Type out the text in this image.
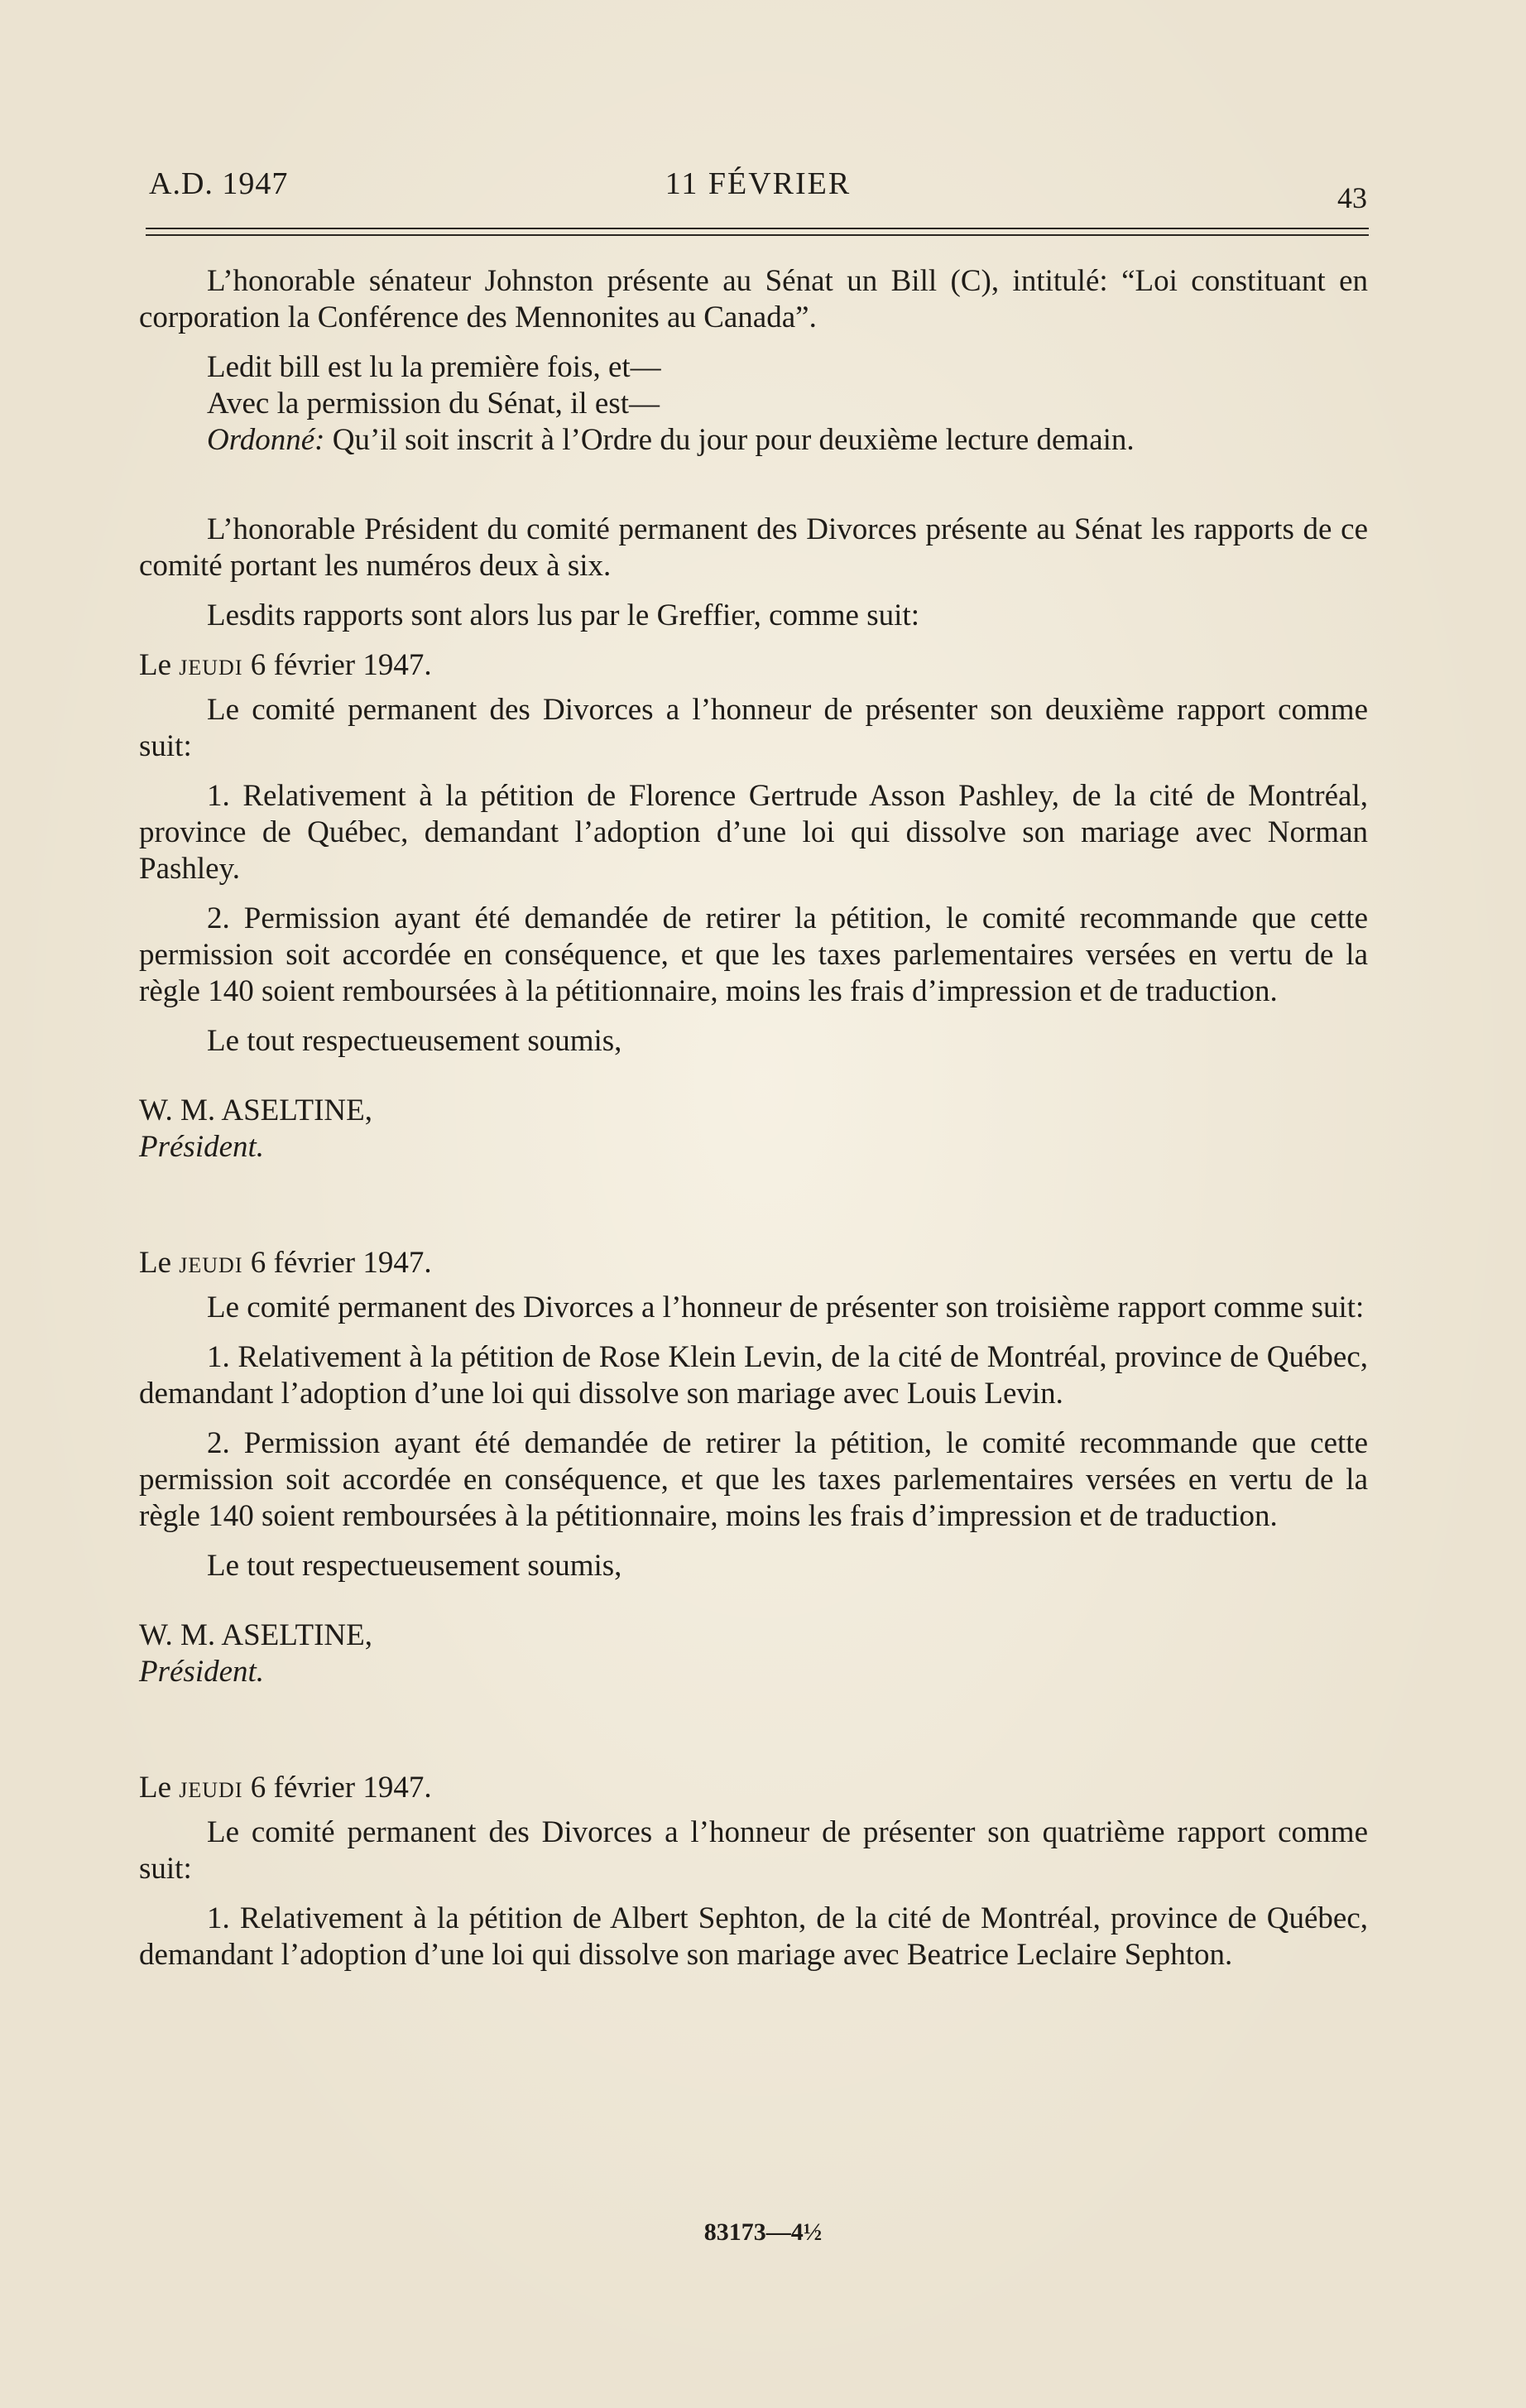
A.D. 1947	11 FÉVRIER	43

L’honorable sénateur Johnston présente au Sénat un Bill (C), intitulé: “Loi constituant en corporation la Conférence des Mennonites au Canada”.

Ledit bill est lu la première fois, et—

Avec la permission du Sénat, il est—

Ordonné: Qu’il soit inscrit à l’Ordre du jour pour deuxième lecture demain.

L’honorable Président du comité permanent des Divorces présente au Sénat les rapports de ce comité portant les numéros deux à six.

Lesdits rapports sont alors lus par le Greffier, comme suit:

Le jeudi 6 février 1947.

Le comité permanent des Divorces a l’honneur de présenter son deuxième rapport comme suit:

1. Relativement à la pétition de Florence Gertrude Asson Pashley, de la cité de Montréal, province de Québec, demandant l’adoption d’une loi qui dissolve son mariage avec Norman Pashley.

2. Permission ayant été demandée de retirer la pétition, le comité recommande que cette permission soit accordée en conséquence, et que les taxes parlementaires versées en vertu de la règle 140 soient remboursées à la pétitionnaire, moins les frais d’impression et de traduction.

Le tout respectueusement soumis,

W. M. ASELTINE,

Président.

Le jeudi 6 février 1947.

Le comité permanent des Divorces a l’honneur de présenter son troisième rapport comme suit:

1. Relativement à la pétition de Rose Klein Levin, de la cité de Montréal, province de Québec, demandant l’adoption d’une loi qui dissolve son mariage avec Louis Levin.

2. Permission ayant été demandée de retirer la pétition, le comité recommande que cette permission soit accordée en conséquence, et que les taxes parlementaires versées en vertu de la règle 140 soient remboursées à la pétitionnaire, moins les frais d’impression et de traduction.

Le tout respectueusement soumis,

W. M. ASELTINE,

Président.

Le jeudi 6 février 1947.

Le comité permanent des Divorces a l’honneur de présenter son quatrième rapport comme suit:

1. Relativement à la pétition de Albert Sephton, de la cité de Montréal, province de Québec, demandant l’adoption d’une loi qui dissolve son mariage avec Beatrice Leclaire Sephton.

83173—4½
